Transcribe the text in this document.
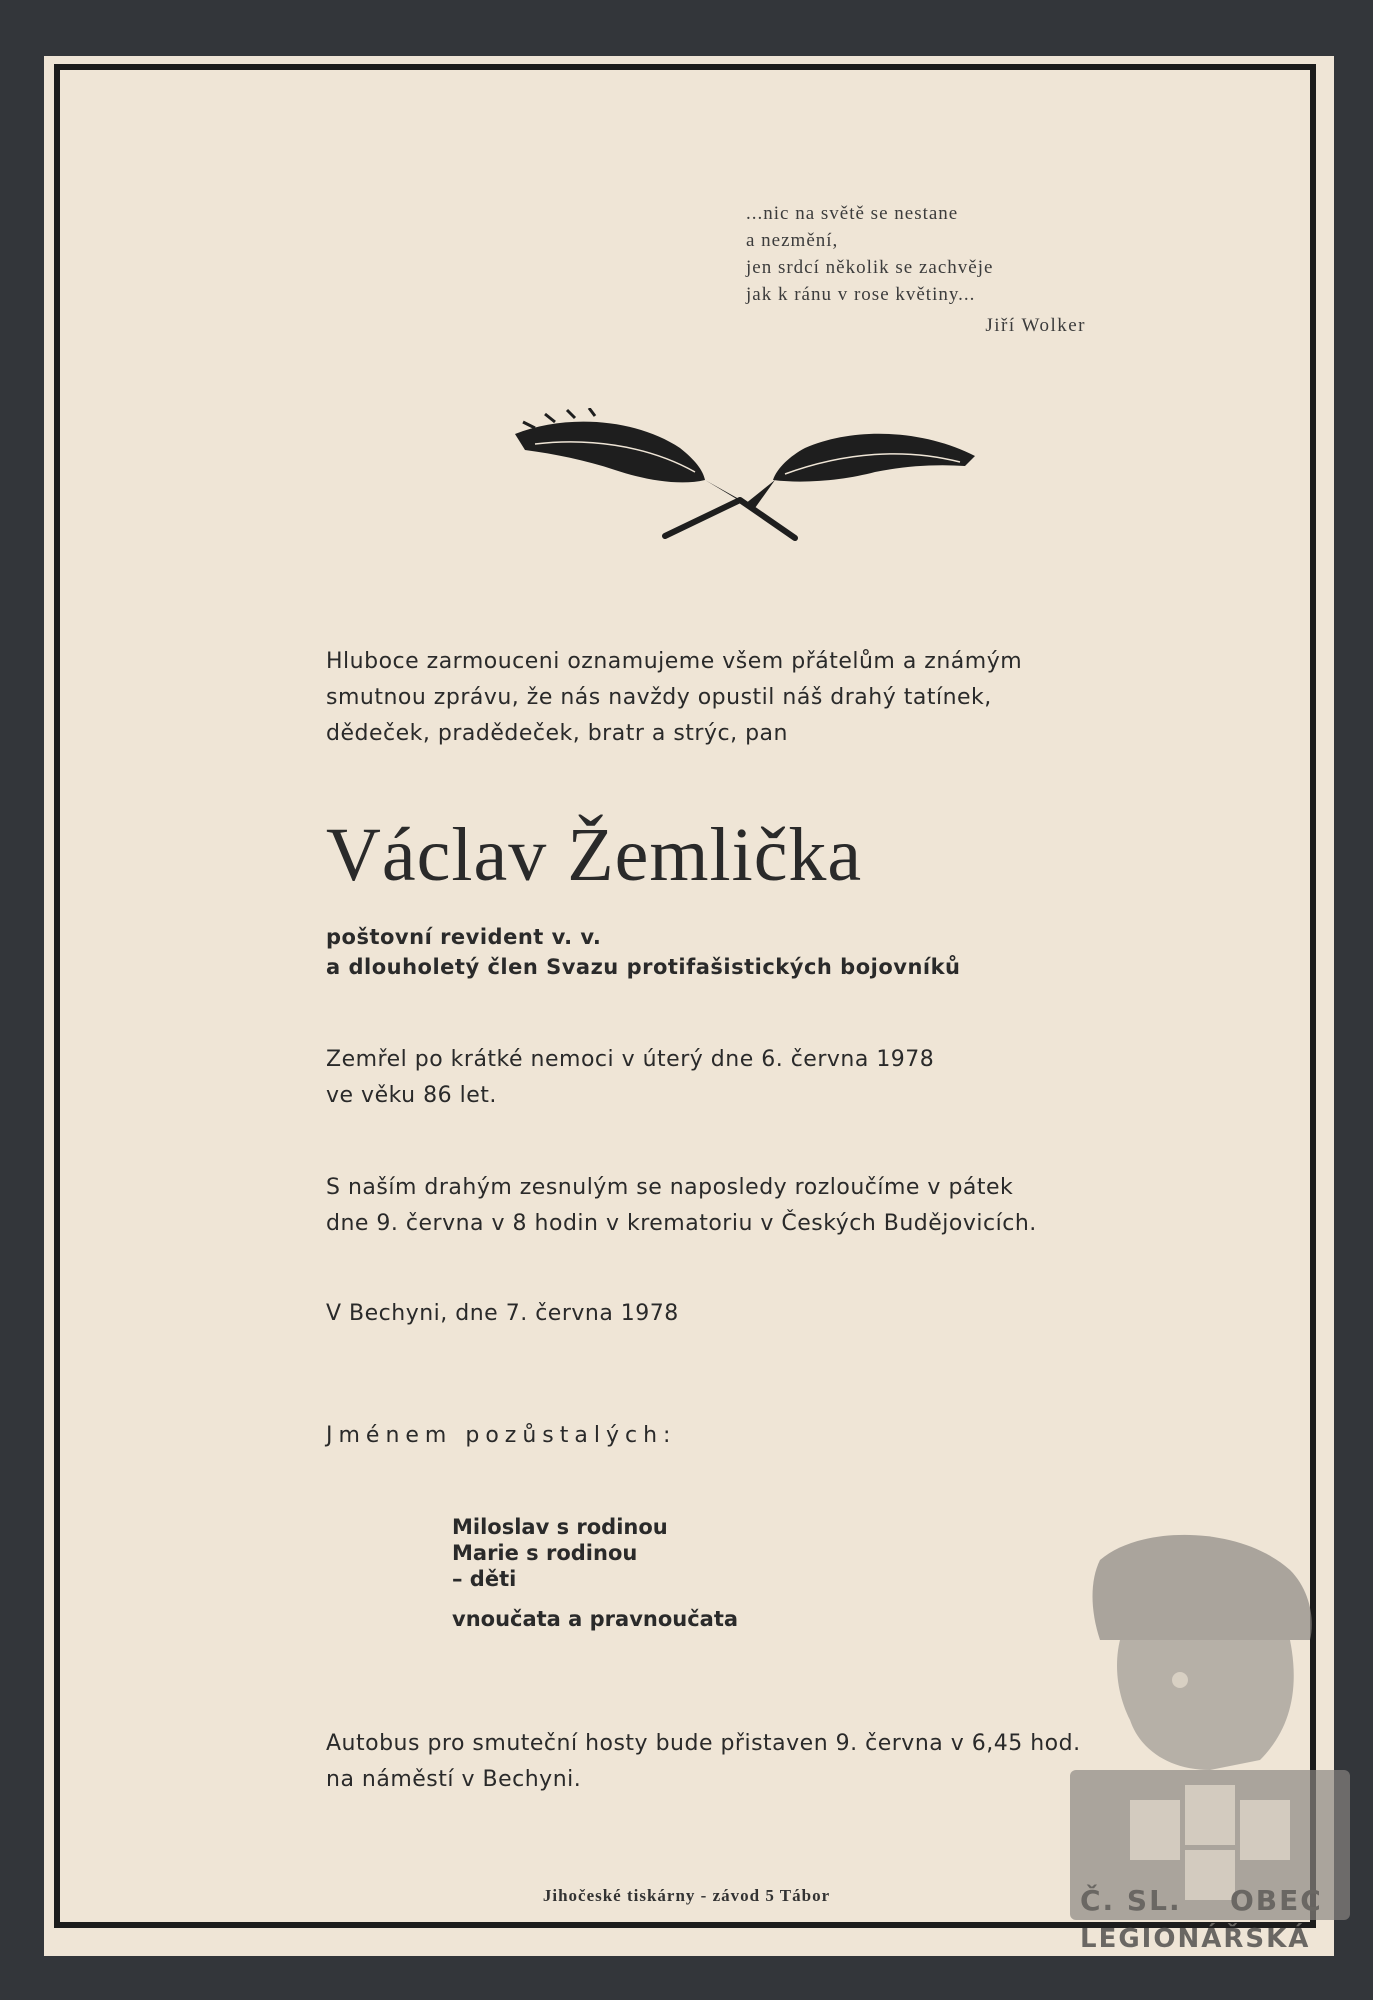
...nic na světě se nestane
a nezmění,
jen srdcí několik se zachvěje
jak k ránu v rose květiny...
Jiří Wolker
Hluboce zarmouceni oznamujeme všem přátelům a známým
smutnou zprávu, že nás navždy opustil náš drahý tatínek,
dědeček, pradědeček, bratr a strýc, pan
Václav Žemlička
poštovní revident v. v.
a dlouholetý člen Svazu protifašistických bojovníků
Zemřel po krátké nemoci v úterý dne 6. června 1978
ve věku 86 let.
S naším drahým zesnulým se naposledy rozloučíme v pátek
dne 9. června v 8 hodin v krematoriu v Českých Budějovicích.
V Bechyni, dne 7. června 1978
Jménem pozůstalých:
Miloslav s rodinou
Marie s rodinou
– děti
vnoučata a pravnoučata
Autobus pro smuteční hosty bude přistaven 9. června v 6,45 hod.
na náměstí v Bechyni.
Jihočeské tiskárny - závod 5 Tábor	Č. SL. OBEC
LEGIONÁŘSKÁ
